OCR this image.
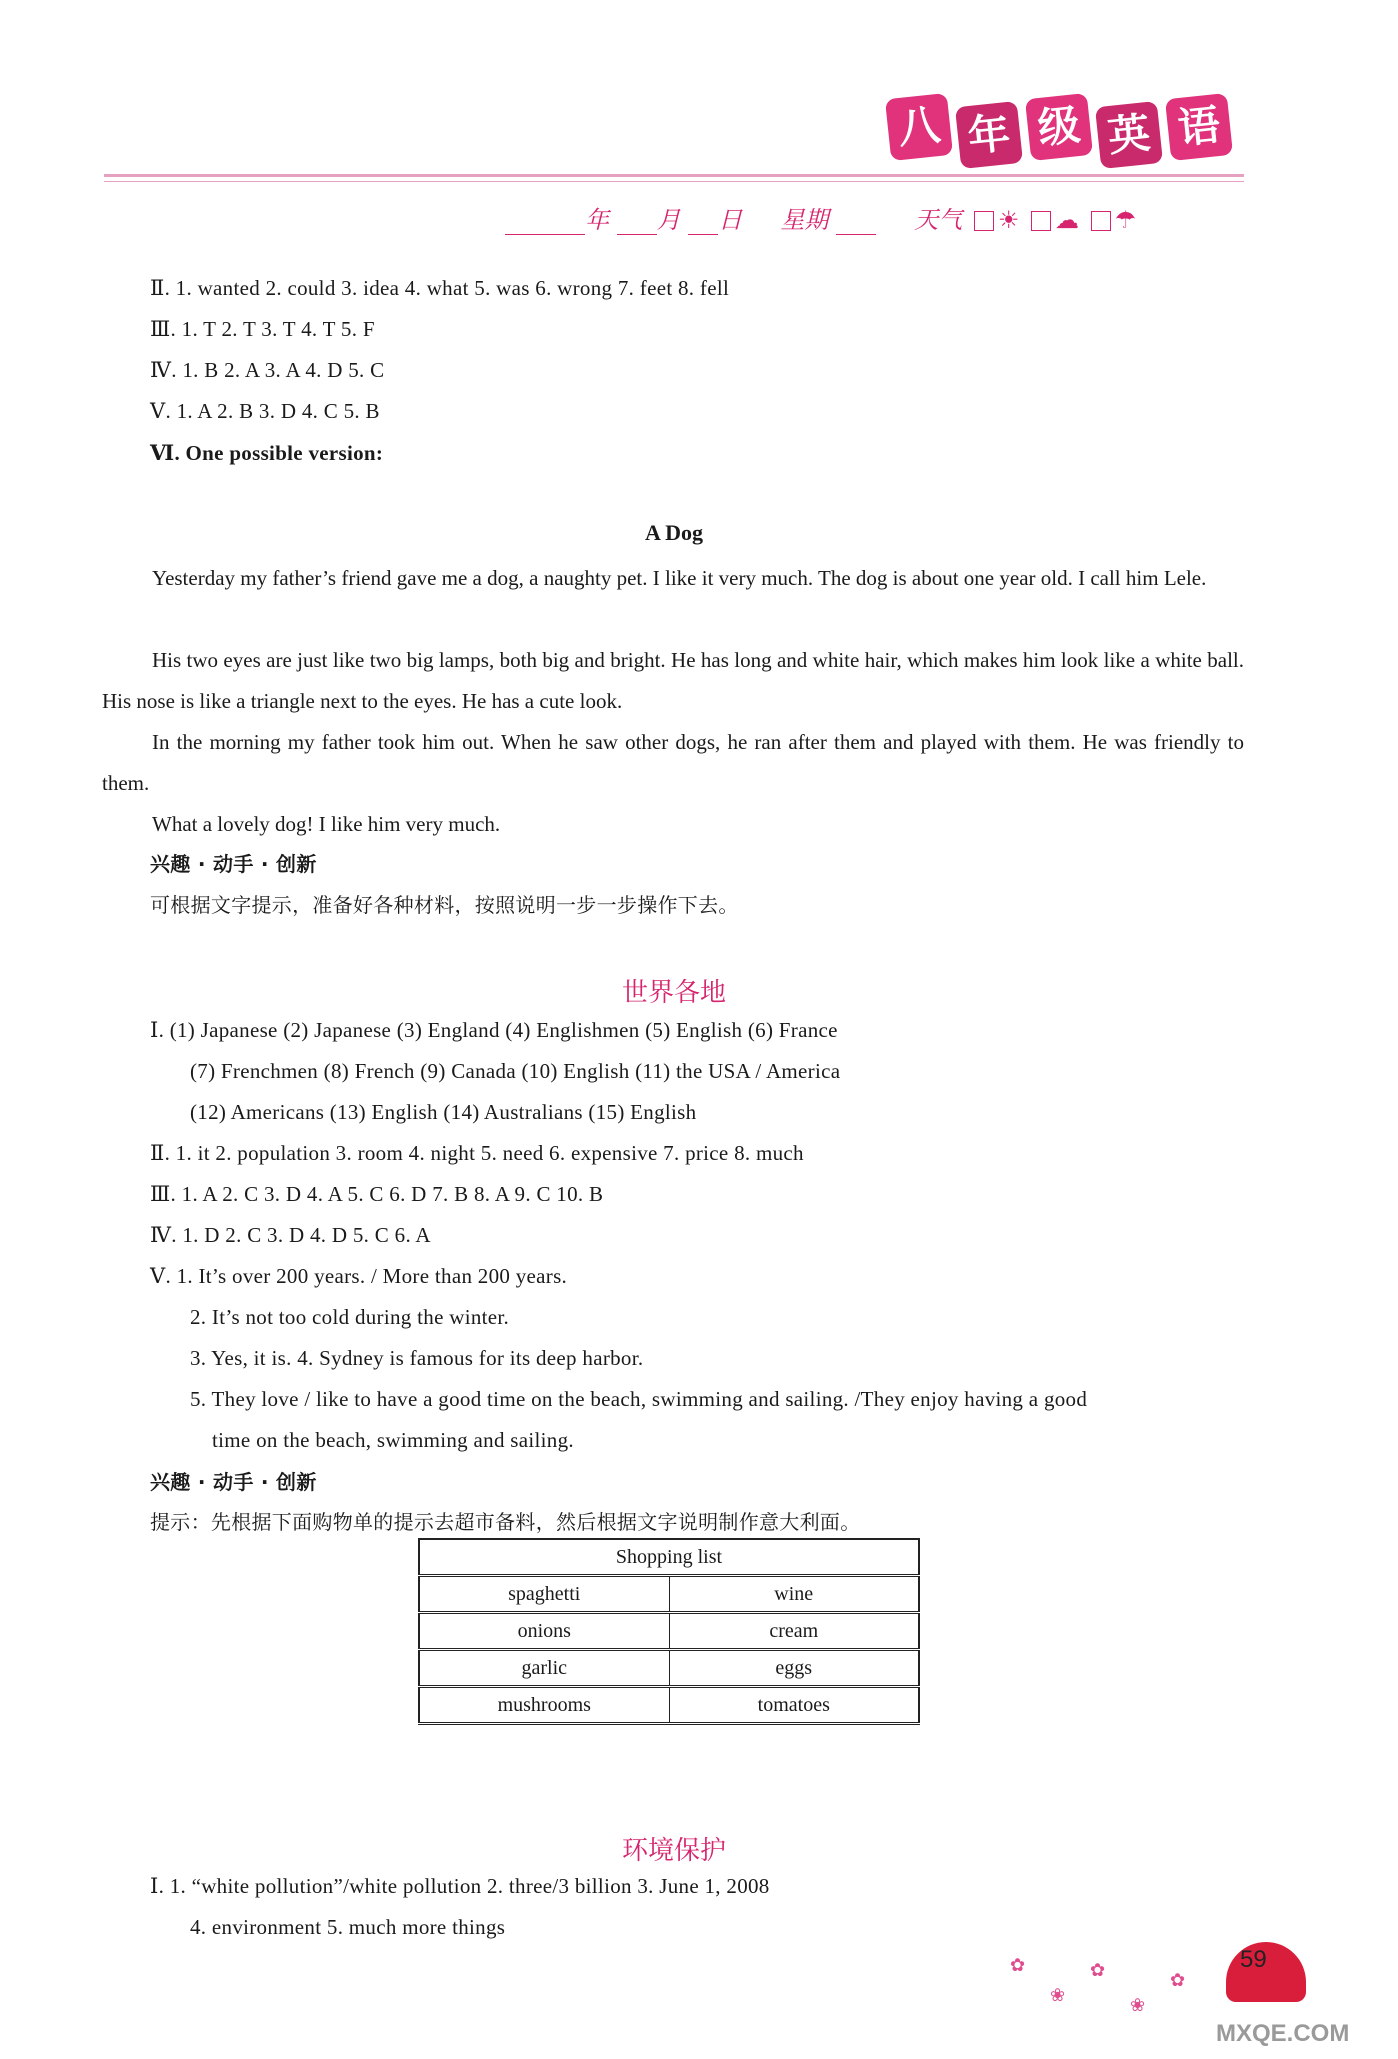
八 年 级 英 语
年 月 日 星期	天气 ☀ ☁ ☂
Ⅱ. 1. wanted 2. could 3. idea 4. what 5. was 6. wrong 7. feet 8. fell
Ⅲ. 1. T 2. T 3. T 4. T 5. F
Ⅳ. 1. B 2. A 3. A 4. D 5. C
Ⅴ. 1. A 2. B 3. D 4. C 5. B
Ⅵ. One possible version:
A Dog
Yesterday my father’s friend gave me a dog, a naughty pet. I like it very much. The dog is about one year old. I call him Lele.
His two eyes are just like two big lamps, both big and bright. He has long and white hair, which makes him look like a white ball. His nose is like a triangle next to the eyes. He has a cute look.
In the morning my father took him out. When he saw other dogs, he ran after them and played with them. He was friendly to them.
What a lovely dog! I like him very much.
兴趣 · 动手 · 创新
可根据文字提示，准备好各种材料，按照说明一步一步操作下去。
世界各地
Ⅰ. (1) Japanese (2) Japanese (3) England (4) Englishmen (5) English (6) France
(7) Frenchmen (8) French (9) Canada (10) English (11) the USA / America
(12) Americans (13) English (14) Australians (15) English
Ⅱ. 1. it 2. population 3. room 4. night 5. need 6. expensive 7. price 8. much
Ⅲ. 1. A 2. C 3. D 4. A 5. C 6. D 7. B 8. A 9. C 10. B
Ⅳ. 1. D 2. C 3. D 4. D 5. C 6. A
Ⅴ. 1. It’s over 200 years. / More than 200 years.
2. It’s not too cold during the winter.
3. Yes, it is. 4. Sydney is famous for its deep harbor.
5. They love / like to have a good time on the beach, swimming and sailing. /They enjoy having a good
time on the beach, swimming and sailing.
兴趣 · 动手 · 创新
提示：先根据下面购物单的提示去超市备料，然后根据文字说明制作意大利面。
Shopping list	
spaghetti	wine
onions	cream
garlic	eggs
mushrooms	tomatoes
环境保护
Ⅰ. 1. “white pollution”/white pollution 2. three/3 billion 3. June 1, 2008
4. environment 5. much more things
✿
❀
✿
❀
✿
59
MXQE.COM
